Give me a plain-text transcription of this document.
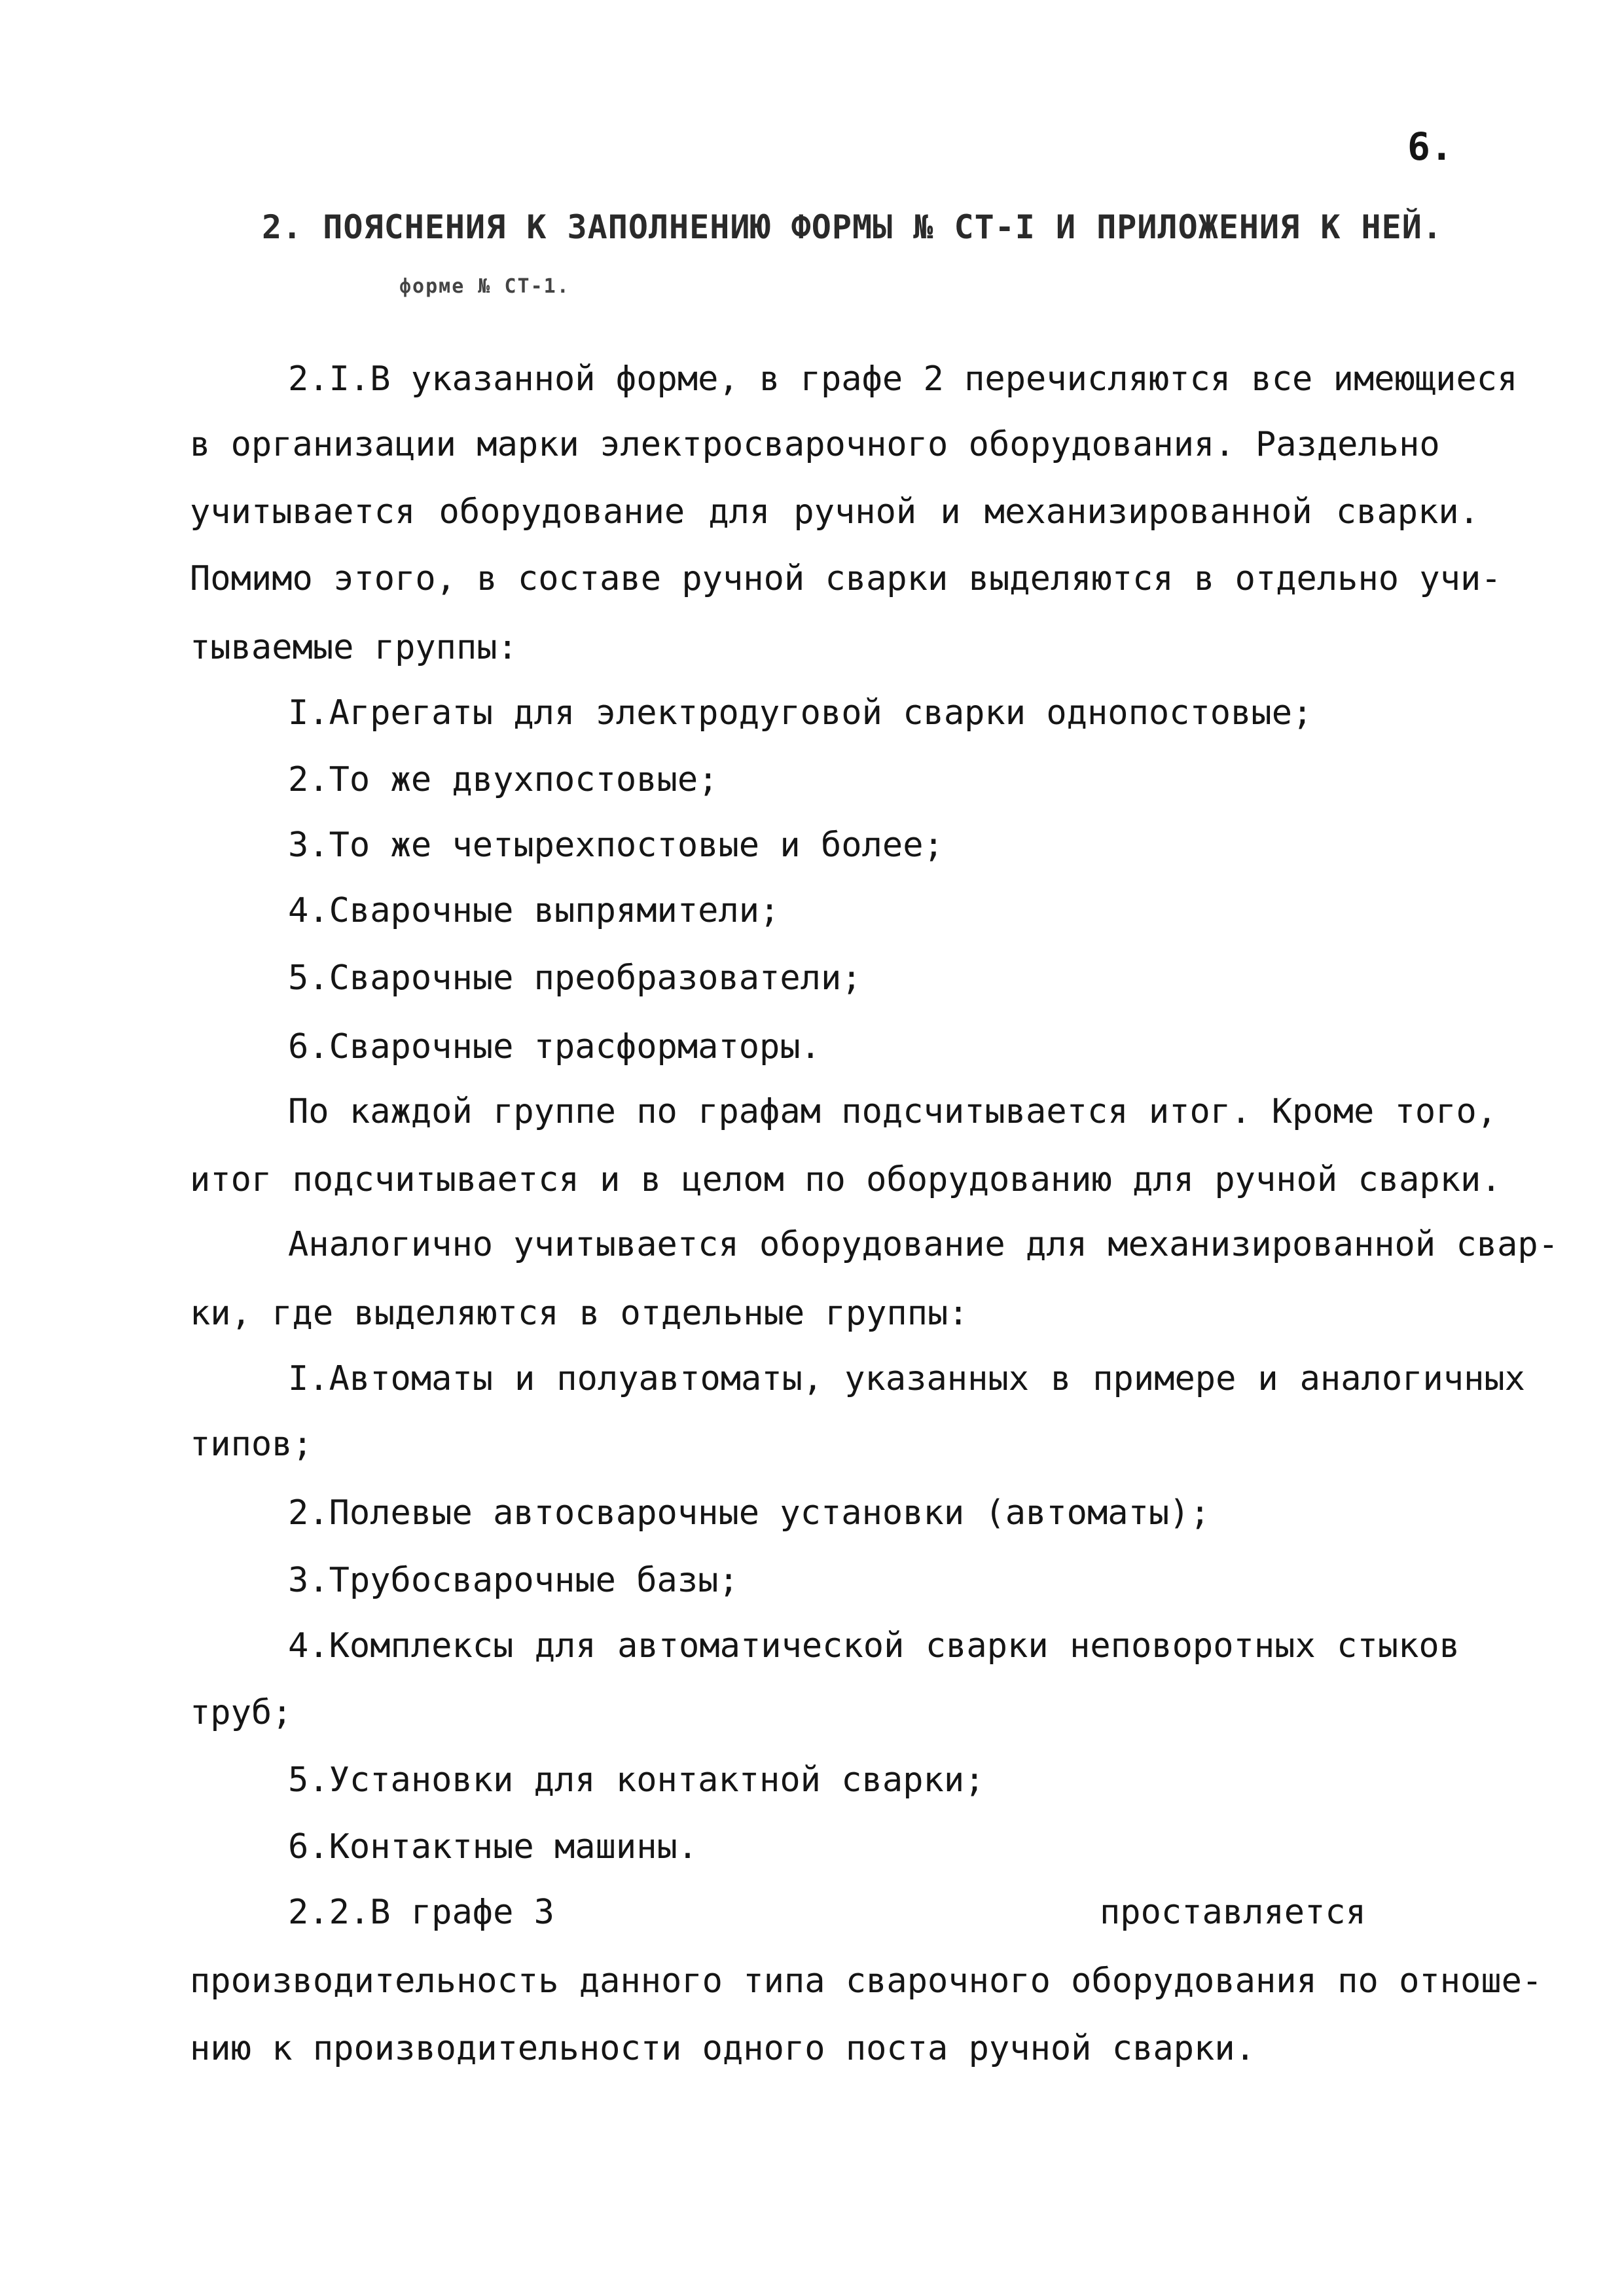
6.
2. ПОЯСНЕНИЯ К ЗАПОЛНЕНИЮ ФОРМЫ № СТ-I И ПРИЛОЖЕНИЯ К НЕЙ.
форме № СТ-1.
2.I.В указанной форме, в графе 2 перечисляются все имеющиеся
в организации марки электросварочного оборудования. Раздельно
учитывается оборудование для ручной и механизированной сварки.
Помимо этого, в составе ручной сварки выделяются в отдельно учи-
тываемые группы:
I.Агрегаты для электродуговой сварки однопостовые;
2.То же двухпостовые;
3.То же четырехпостовые и более;
4.Сварочные выпрямители;
5.Сварочные преобразователи;
6.Сварочные трасформаторы.
По каждой группе по графам подсчитывается итог. Кроме того,
итог подсчитывается и в целом по оборудованию для ручной сварки.
Аналогично учитывается оборудование для механизированной свар-
ки, где выделяются в отдельные группы:
I.Автоматы и полуавтоматы, указанных в примере и аналогичных
типов;
2.Полевые автосварочные установки (автоматы);
3.Трубосварочные базы;
4.Комплексы для автоматической сварки неповоротных стыков
труб;
5.Установки для контактной сварки;
6.Контактные машины.
2.2.В графе 3	проставляется
производительность данного типа сварочного оборудования по отноше-
нию к производительности одного поста ручной сварки.
